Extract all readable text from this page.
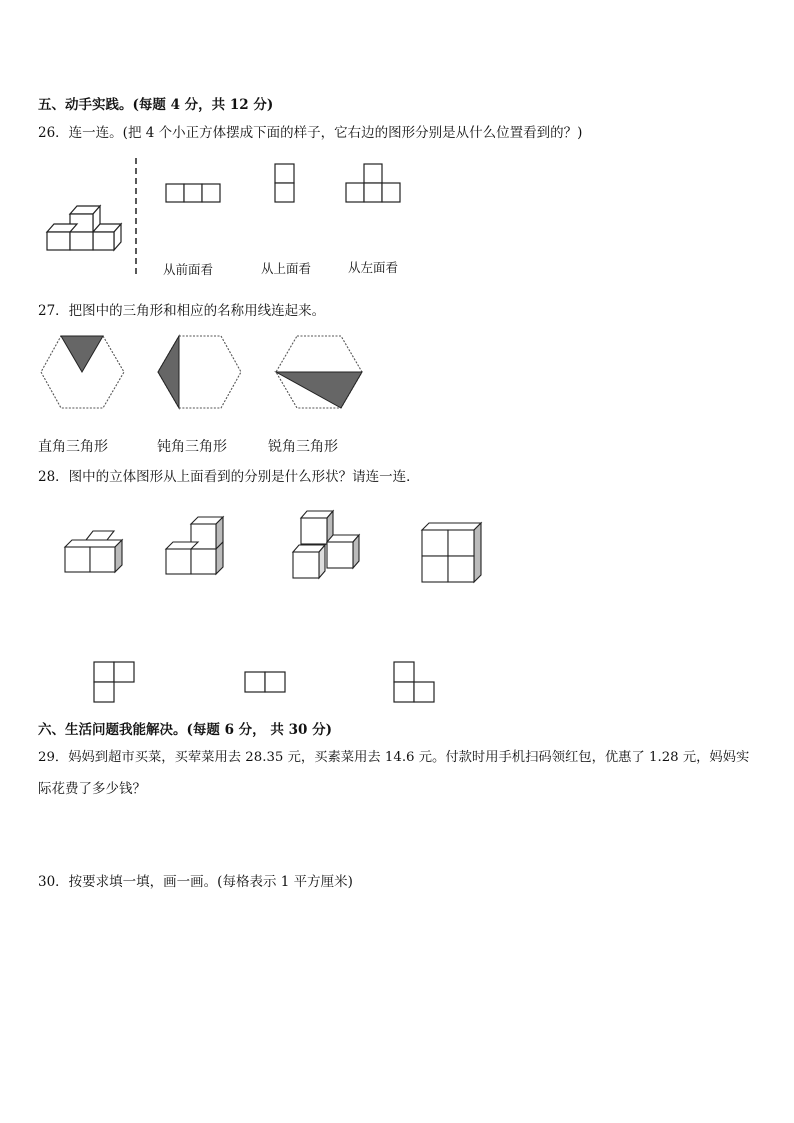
五、动手实践。(每题 4 分，共 12 分)
26．连一连。(把 4 个小正方体摆成下面的样子，它右边的图形分别是从什么位置看到的？)
从前面看	从上面看	从左面看
27．把图中的三角形和相应的名称用线连起来。
直角三角形	钝角三角形	锐角三角形
28．图中的立体图形从上面看到的分别是什么形状？请连一连．
六、生活问题我能解决。(每题 6 分， 共 30 分)
29．妈妈到超市买菜，买荤菜用去 28.35 元，买素菜用去 14.6 元。付款时用手机扫码领红包，优惠了 1.28 元，妈妈实
际花费了多少钱？
30．按要求填一填，画一画。(每格表示 1 平方厘米)
